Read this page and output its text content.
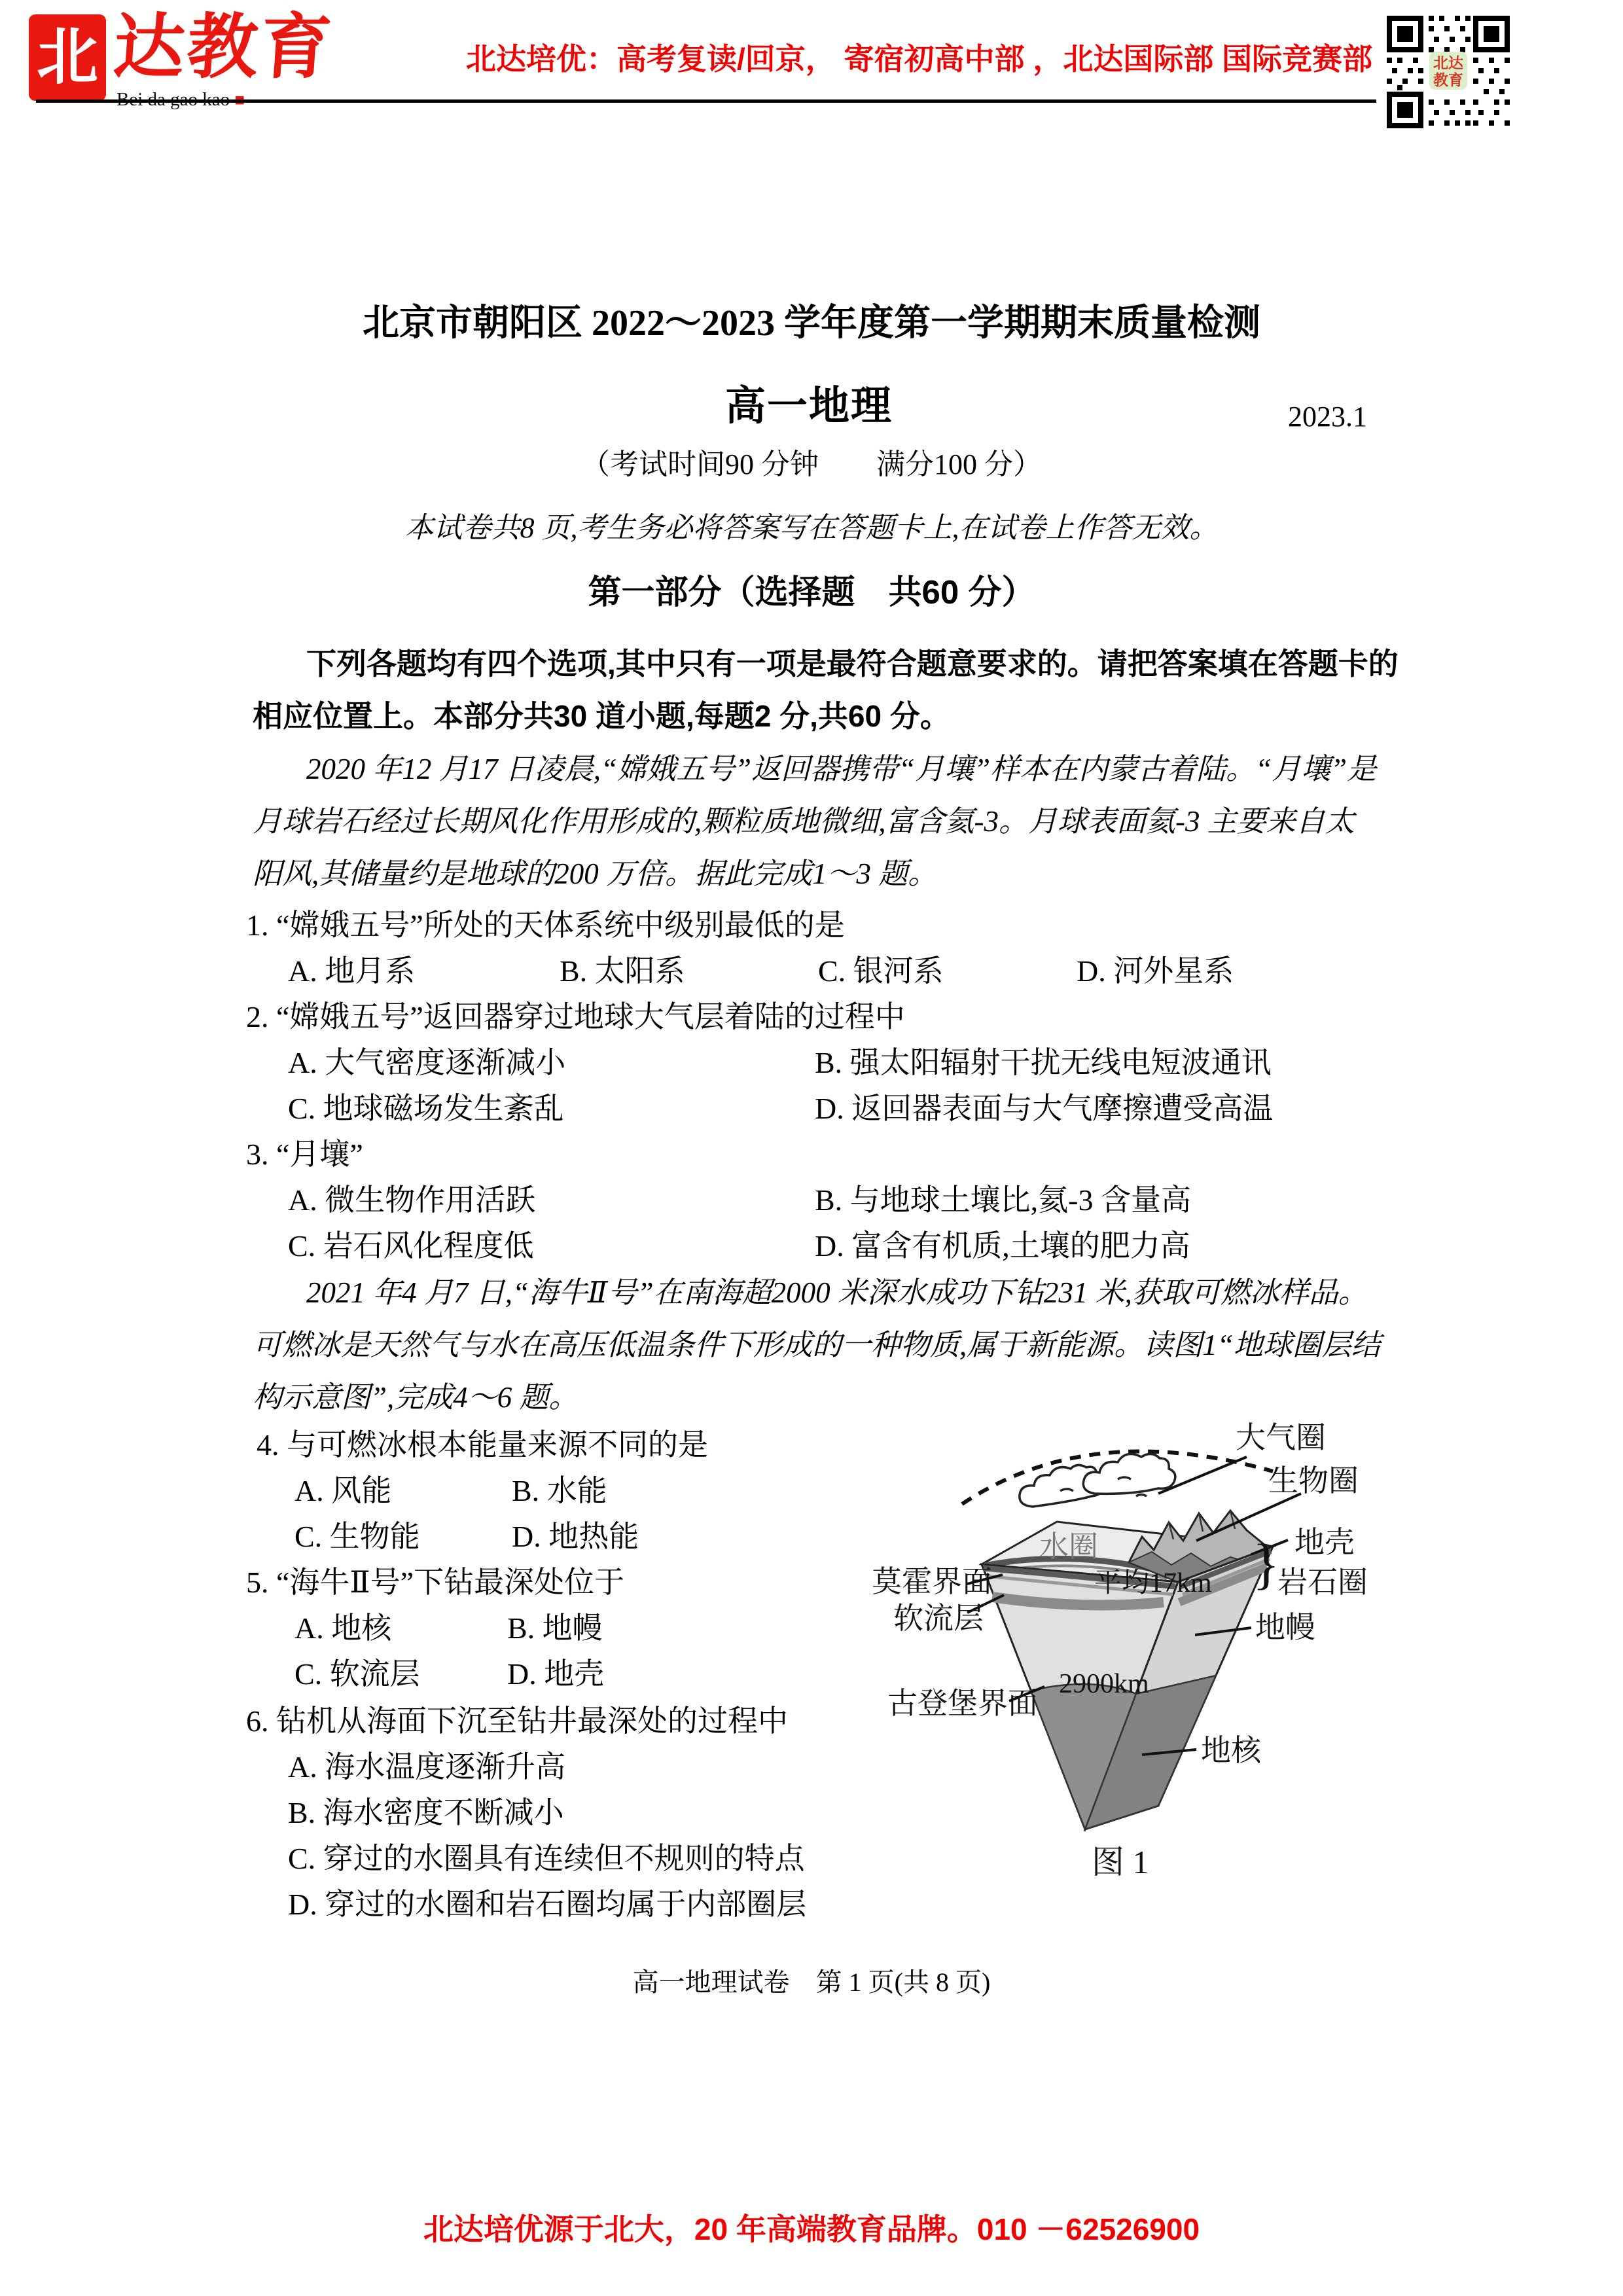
北 达教育	北达培优：高考复读/回京， 寄宿初高中部 ，北达国际部 国际竞赛部	北达
教育
北京市朝阳区 2022～2023 学年度第一学期期末质量检测
高一地理	2023.1
（考试时间90 分钟　　满分100 分）
本试卷共8 页,考生务必将答案写在答题卡上,在试卷上作答无效。
第一部分（选择题　共60 分）
下列各题均有四个选项,其中只有一项是最符合题意要求的。请把答案填在答题卡的
相应位置上。本部分共30 道小题,每题2 分,共60 分。
2020 年12 月17 日凌晨,“嫦娥五号”返回器携带“月壤”样本在内蒙古着陆。“月壤”是
月球岩石经过长期风化作用形成的,颗粒质地微细,富含氦-3。月球表面氦-3 主要来自太
阳风,其储量约是地球的200 万倍。据此完成1～3 题。
1. “嫦娥五号”所处的天体系统中级别最低的是
A. 地月系	B. 太阳系	C. 银河系	D. 河外星系
2. “嫦娥五号”返回器穿过地球大气层着陆的过程中
A. 大气密度逐渐减小	B. 强太阳辐射干扰无线电短波通讯
C. 地球磁场发生紊乱	D. 返回器表面与大气摩擦遭受高温
3. “月壤”
A. 微生物作用活跃	B. 与地球土壤比,氦-3 含量高
C. 岩石风化程度低	D. 富含有机质,土壤的肥力高
2021 年4 月7 日,“海牛Ⅱ号”在南海超2000 米深水成功下钻231 米,获取可燃冰样品。
可燃冰是天然气与水在高压低温条件下形成的一种物质,属于新能源。读图1“地球圈层结
构示意图”,完成4～6 题。
4. 与可燃冰根本能量来源不同的是
A. 风能	B. 水能
C. 生物能	D. 地热能
5. “海牛Ⅱ号”下钻最深处位于
A. 地核	B. 地幔
C. 软流层	D. 地壳
6. 钻机从海面下沉至钻井最深处的过程中
A. 海水温度逐渐升高
B. 海水密度不断减小
C. 穿过的水圈具有连续但不规则的特点
D. 穿过的水圈和岩石圈均属于内部圈层
}
大气圈
生物圈
地壳
岩石圈
水圈
莫霍界面	平均17km
软流层	地幔
2900km
古登堡界面
地核
图 1
高一地理试卷　第 1 页(共 8 页)
北达培优源于北大，20 年高端教育品牌。010 －62526900
